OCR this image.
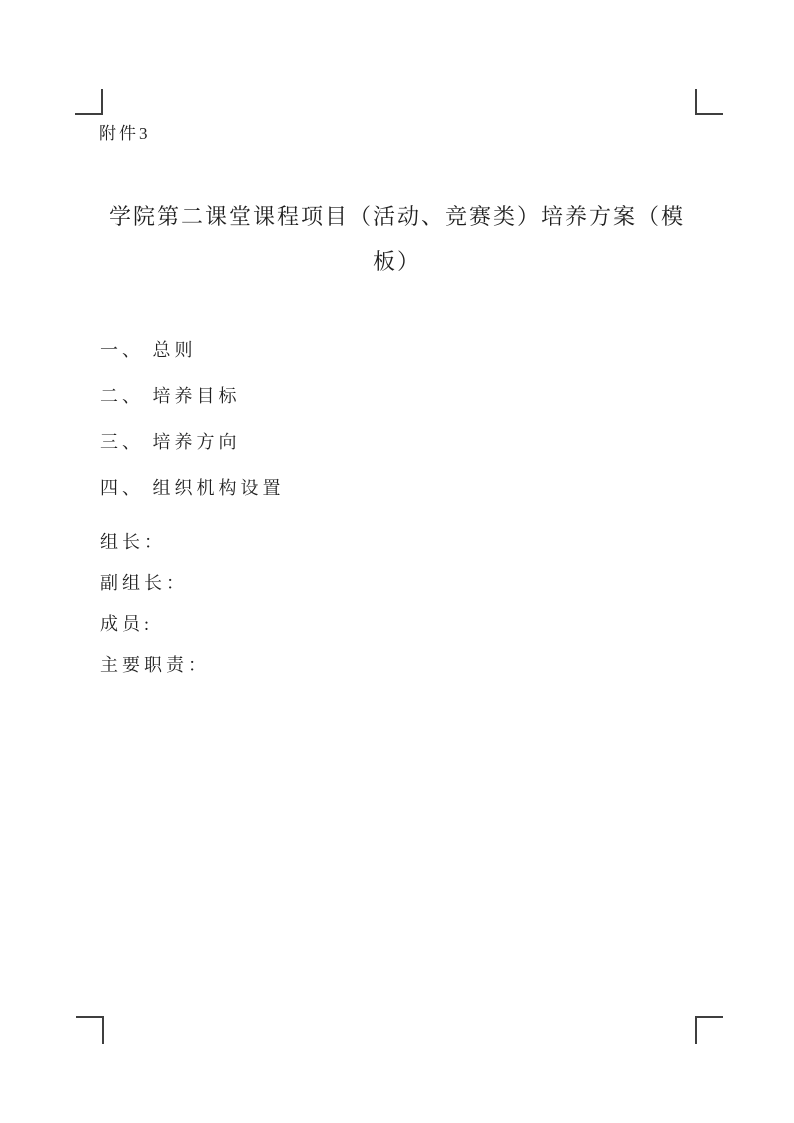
附件3
学院第二课堂课程项目（活动、竞赛类）培养方案（模
板）

一、 总则

二、 培养目标

三、 培养方向

四、 组织机构设置

组长：

副组长：

成员:

主要职责：
